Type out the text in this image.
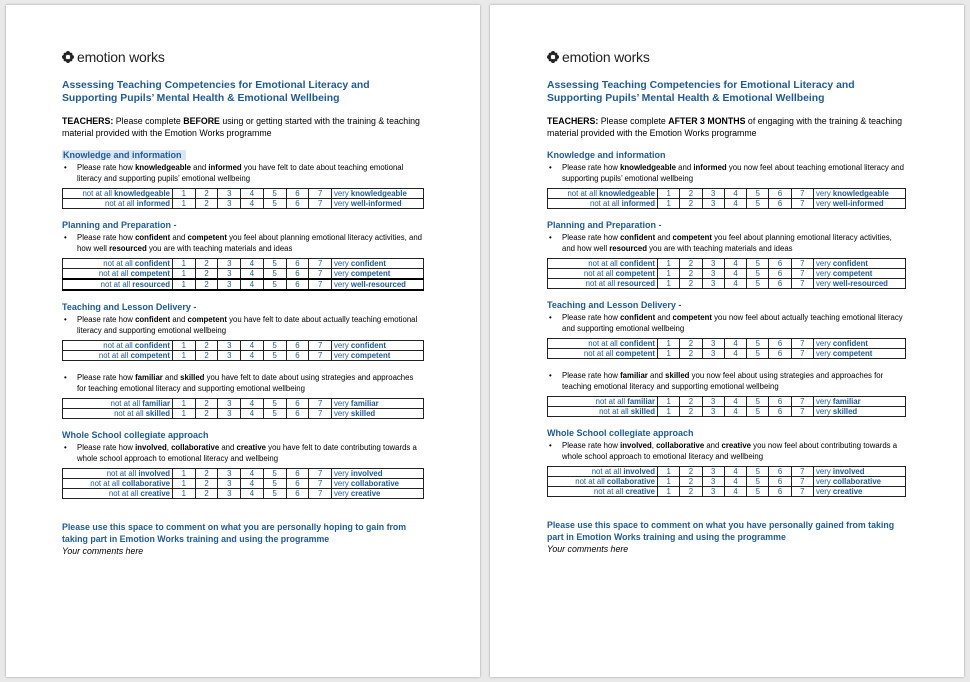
emotion works
Assessing Teaching Competencies for Emotional Literacy and Supporting Pupils’ Mental Health & Emotional Wellbeing
TEACHERS: Please complete BEFORE using or getting started with the training & teaching material provided with the Emotion Works programme
Knowledge and information
• Please rate how knowledgeable and informed you have felt to date about teaching emotional literacy and supporting pupils’ emotional wellbeing
not at all knowledgeable	1	2	3	4	5	6	7	very knowledgeable
not at all informed	1	2	3	4	5	6	7	very well-informed
Planning and Preparation -
• Please rate how confident and competent you feel about planning emotional literacy activities, and how well resourced you are with teaching materials and ideas
not at all confident	1	2	3	4	5	6	7	very confident
not at all competent	1	2	3	4	5	6	7	very competent
not at all resourced	1	2	3	4	5	6	7	very well-resourced
Teaching and Lesson Delivery -
• Please rate how confident and competent you have felt to date about actually teaching emotional literacy and supporting emotional wellbeing
not at all confident	1	2	3	4	5	6	7	very confident
not at all competent	1	2	3	4	5	6	7	very competent
• Please rate how familiar and skilled you have felt to date about using strategies and approaches for teaching emotional literacy and supporting emotional wellbeing
not at all familiar	1	2	3	4	5	6	7	very familiar
not at all skilled	1	2	3	4	5	6	7	very skilled
Whole School collegiate approach
• Please rate how involved, collaborative and creative you have felt to date contributing towards a whole school approach to emotional literacy and wellbeing
not at all involved	1	2	3	4	5	6	7	very involved
not at all collaborative	1	2	3	4	5	6	7	very collaborative
not at all creative	1	2	3	4	5	6	7	very creative
Please use this space to comment on what you are personally hoping to gain from taking part in Emotion Works training and using the programme
Your comments here
emotion works
Assessing Teaching Competencies for Emotional Literacy and Supporting Pupils’ Mental Health & Emotional Wellbeing
TEACHERS: Please complete AFTER 3 MONTHS of engaging with the training & teaching material provided with the Emotion Works programme
Knowledge and information
• Please rate how knowledgeable and informed you now feel about teaching emotional literacy and supporting pupils’ emotional wellbeing
not at all knowledgeable	1	2	3	4	5	6	7	very knowledgeable
not at all informed	1	2	3	4	5	6	7	very well-informed
Planning and Preparation -
• Please rate how confident and competent you feel about planning emotional literacy activities, and how well resourced you are with teaching materials and ideas
not at all confident	1	2	3	4	5	6	7	very confident
not at all competent	1	2	3	4	5	6	7	very competent
not at all resourced	1	2	3	4	5	6	7	very well-resourced
Teaching and Lesson Delivery -
• Please rate how confident and competent you now feel about actually teaching emotional literacy and supporting emotional wellbeing
not at all confident	1	2	3	4	5	6	7	very confident
not at all competent	1	2	3	4	5	6	7	very competent
• Please rate how familiar and skilled you now feel about using strategies and approaches for teaching emotional literacy and supporting emotional wellbeing
not at all familiar	1	2	3	4	5	6	7	very familiar
not at all skilled	1	2	3	4	5	6	7	very skilled
Whole School collegiate approach
• Please rate how involved, collaborative and creative you now feel about contributing towards a whole school approach to emotional literacy and wellbeing
not at all involved	1	2	3	4	5	6	7	very involved
not at all collaborative	1	2	3	4	5	6	7	very collaborative
not at all creative	1	2	3	4	5	6	7	very creative
Please use this space to comment on what you have personally gained from taking part in Emotion Works training and using the programme
Your comments here
